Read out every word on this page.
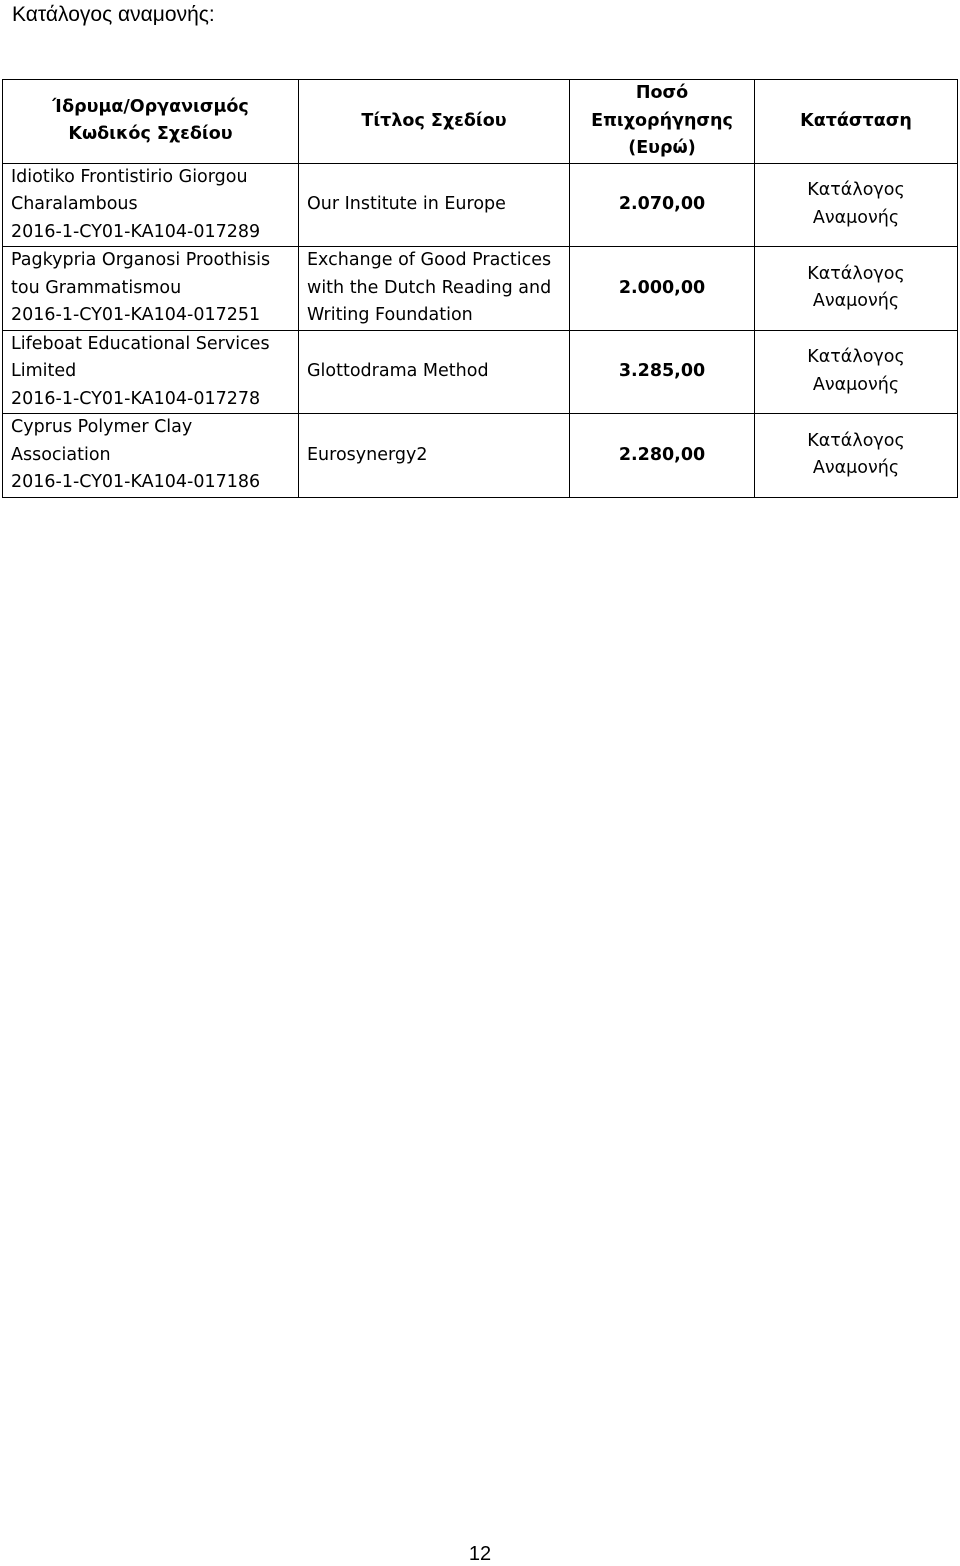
Κατάλογος αναμονής:
Ίδρυμα/Οργανισμός
Κωδικός Σχεδίου	Τίτλος Σχεδίου	Ποσό
Επιχορήγησης
(Ευρώ)	Κατάσταση

Idiotiko Frontistirio Giorgou
Charalambous
2016-1-CY01-KA104-017289	Our Institute in Europe	2.070,00	Κατάλογος
Αναμονής

Pagkypria Organosi Proothisis
tou Grammatismou
2016-1-CY01-KA104-017251	Exchange of Good Practices with the Dutch Reading and Writing Foundation	2.000,00	Κατάλογος
Αναμονής

Lifeboat Educational Services
Limited
2016-1-CY01-KA104-017278	Glottodrama Method	3.285,00	Κατάλογος
Αναμονής

Cyprus Polymer Clay
Association
2016-1-CY01-KA104-017186	Eurosynergy2	2.280,00	Κατάλογος
Αναμονής
12
